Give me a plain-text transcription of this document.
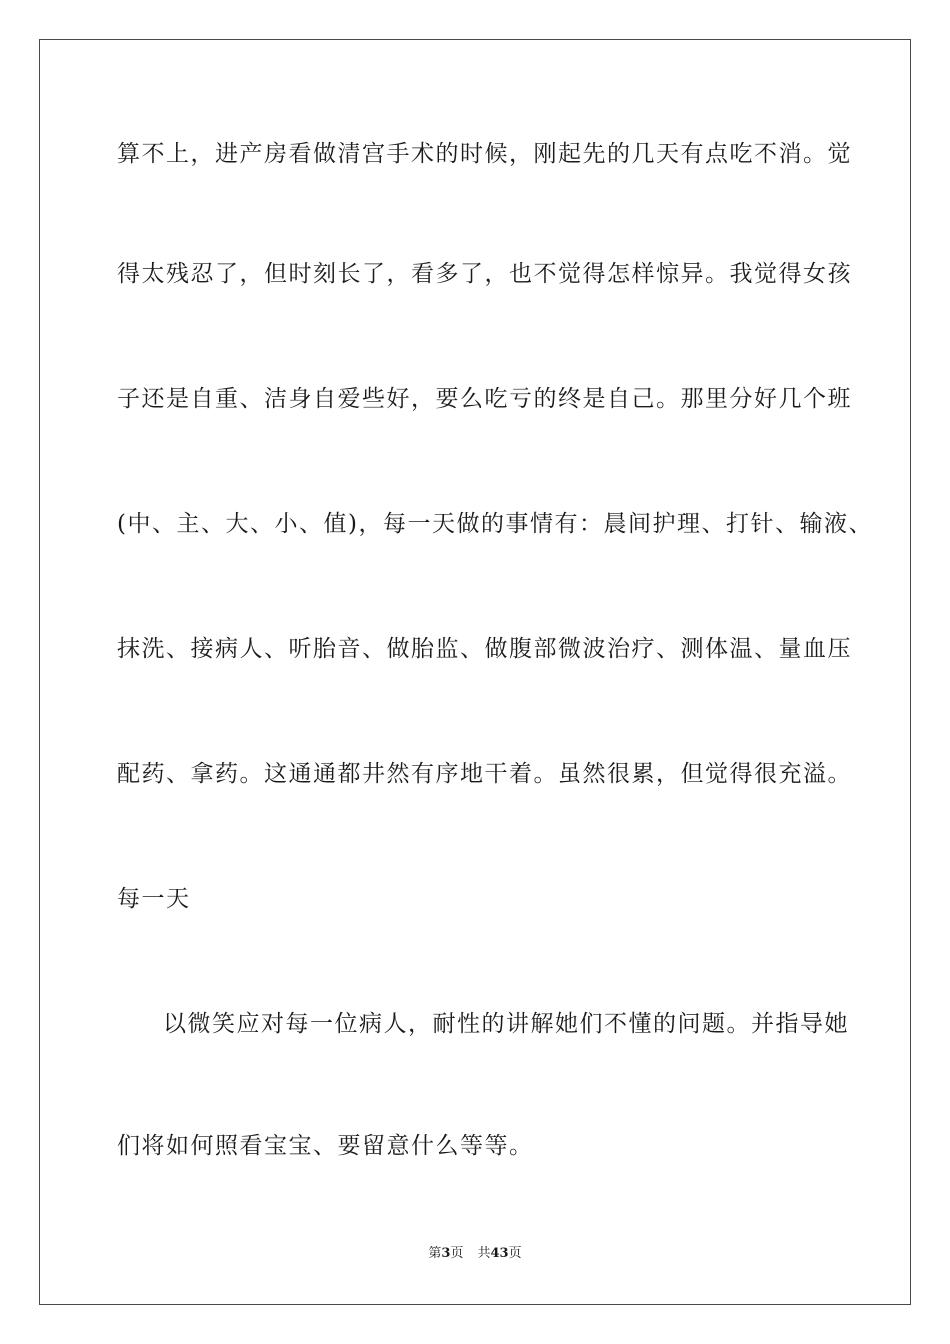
算不上，进产房看做清宫手术的时候，刚起先的几天有点吃不消。觉
得太残忍了，但时刻长了，看多了，也不觉得怎样惊异。我觉得女孩
子还是自重、洁身自爱些好，要么吃亏的终是自己。那里分好几个班
(中、主、大、小、值)，每一天做的事情有：晨间护理、打针、输液、
抹洗、接病人、听胎音、做胎监、做腹部微波治疗、测体温、量血压
配药、拿药。这通通都井然有序地干着。虽然很累，但觉得很充溢。
每一天
以微笑应对每一位病人，耐性的讲解她们不懂的问题。并指导她
们将如何照看宝宝、要留意什么等等。
第3页 共43页
